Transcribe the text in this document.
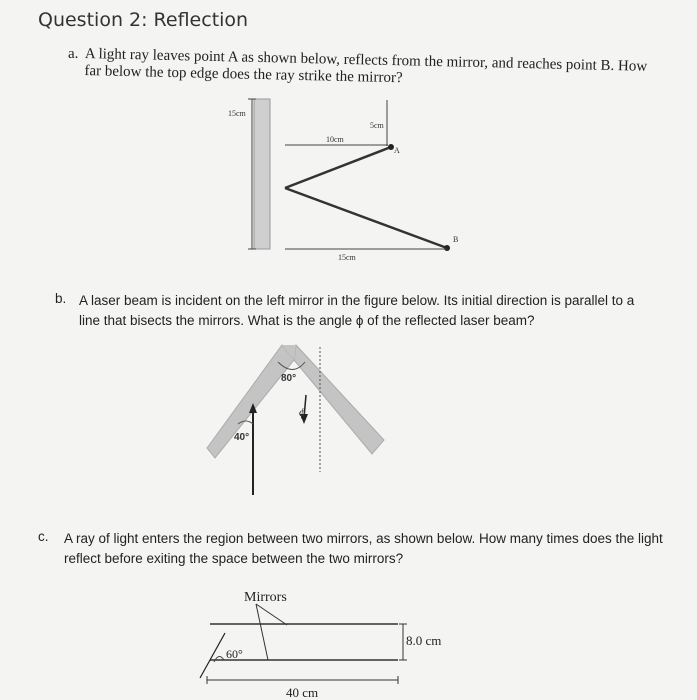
Question 2: Reflection
a. A light ray leaves point A as shown below, reflects from the mirror, and reaches point B. How far below the top edge does the ray strike the mirror?
b. A laser beam is incident on the left mirror in the figure below. Its initial direction is parallel to a line that bisects the mirrors. What is the angle ϕ of the reflected laser beam?
c. A ray of light enters the region between two mirrors, as shown below. How many times does the light reflect before exiting the space between the two mirrors?
15cm
10cm
5cm
A
B
15cm
80°
40°
ϕ
Mirrors
60°
8.0 cm
40 cm
